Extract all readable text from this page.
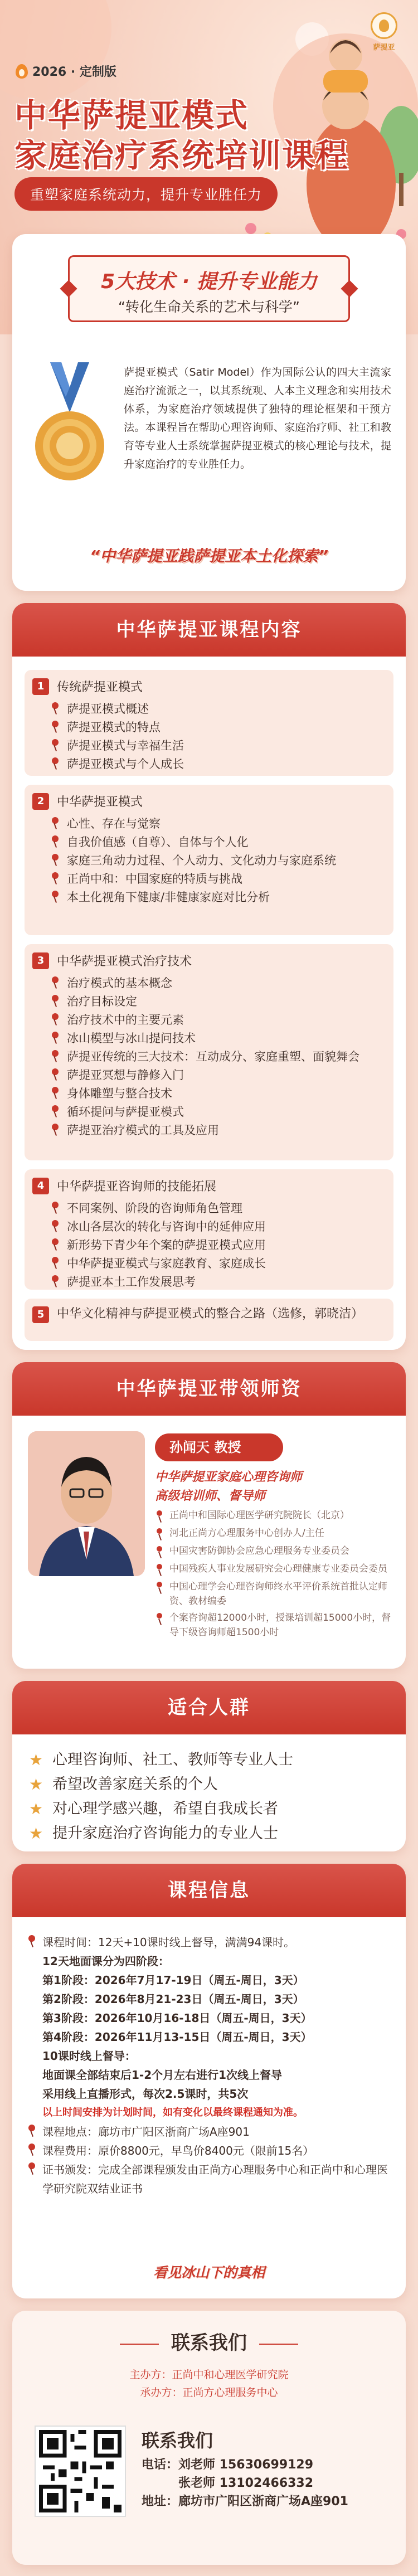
萨提亚
2026 · 定制版
中华萨提亚模式
家庭治疗系统培训课程
重塑家庭系统动力，提升专业胜任力
5大技术 · 提升专业能力
“转化生命关系的艺术与科学”
萨提亚模式（Satir Model）作为国际公认的四大主流家庭治疗流派之一，以其系统观、人本主义理念和实用技术体系，为家庭治疗领域提供了独特的理论框架和干预方法。本课程旨在帮助心理咨询师、家庭治疗师、社工和教育等专业人士系统掌握萨提亚模式的核心理论与技术，提升家庭治疗的专业胜任力。
“中华萨提亚践萨提亚本土化探索”
中华萨提亚课程内容
1	传统萨提亚模式
萨提亚模式概述
萨提亚模式的特点
萨提亚模式与幸福生活
萨提亚模式与个人成长
2	中华萨提亚模式
心性、存在与觉察
自我价值感（自尊）、自体与个人化
家庭三角动力过程、个人动力、文化动力与家庭系统
正尚中和：中国家庭的特质与挑战
本土化视角下健康/非健康家庭对比分析
3	中华萨提亚模式治疗技术
治疗模式的基本概念
治疗目标设定
治疗技术中的主要元素
冰山模型与冰山提问技术
萨提亚传统的三大技术：互动成分、家庭重塑、面貌舞会
萨提亚冥想与静修入门
身体雕塑与整合技术
循环提问与萨提亚模式
萨提亚治疗模式的工具及应用
4	中华萨提亚咨询师的技能拓展
不同案例、阶段的咨询师角色管理
冰山各层次的转化与咨询中的延伸应用
新形势下青少年个案的萨提亚模式应用
中华萨提亚模式与家庭教育、家庭成长
萨提亚本土工作发展思考
5	中华文化精神与萨提亚模式的整合之路（选修，郭晓洁）
中华萨提亚带领师资
孙闻天 教授
中华萨提亚家庭心理咨询师
高级培训师、督导师
正尚中和国际心理医学研究院院长（北京）
河北正尚方心理服务中心创办人/主任
中国灾害防御协会应急心理服务专业委员会
中国残疾人事业发展研究会心理健康专业委员会委员
中国心理学会心理咨询师终水平评价系统首批认定师资、教材编委
个案咨询超12000小时，授课培训超15000小时，督导下级咨询师超1500小时
适合人群
★ 心理咨询师、社工、教师等专业人士
★ 希望改善家庭关系的个人
★ 对心理学感兴趣，希望自我成长者
★ 提升家庭治疗咨询能力的专业人士
课程信息
课程时间：12天+10课时线上督导，满满94课时。
12天地面课分为四阶段：
第1阶段：2026年7月17-19日（周五-周日，3天）
第2阶段：2026年8月21-23日（周五-周日，3天）
第3阶段：2026年10月16-18日（周五-周日，3天）
第4阶段：2026年11月13-15日（周五-周日，3天）
10课时线上督导：
地面课全部结束后1-2个月左右进行1次线上督导
采用线上直播形式，每次2.5课时，共5次
以上时间安排为计划时间，如有变化以最终课程通知为准。
课程地点：廊坊市广阳区浙商广场A座901
课程费用：原价8800元，早鸟价8400元（限前15名）
证书颁发：完成全部课程颁发由正尚方心理服务中心和正尚中和心理医学研究院双结业证书
看见冰山下的真相
联系我们
主办方：正尚中和心理医学研究院
承办方：正尚方心理服务中心
联系我们
电话：刘老师 15630699129
张老师 13102466332
地址：廊坊市广阳区浙商广场A座901
